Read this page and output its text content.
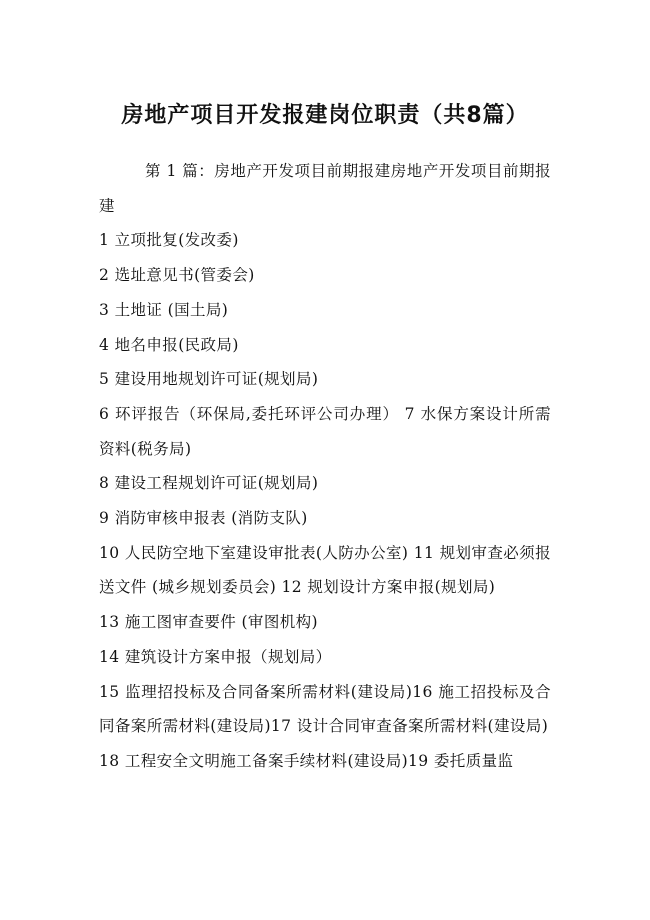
房地产项目开发报建岗位职责（共8篇）

第 1 篇：房地产开发项目前期报建房地产开发项目前期报建

1 立项批复(发改委)

2 选址意见书(管委会)

3 土地证 (国土局)

4 地名申报(民政局)

5 建设用地规划许可证(规划局)

6 环评报告（环保局,委托环评公司办理） 7 水保方案设计所需资料(税务局)

8 建设工程规划许可证(规划局)

9 消防审核申报表 (消防支队)

10 人民防空地下室建设审批表(人防办公室) 11 规划审查必须报送文件 (城乡规划委员会) 12 规划设计方案申报(规划局)

13 施工图审查要件 (审图机构)

14 建筑设计方案申报（规划局）

15 监理招投标及合同备案所需材料(建设局)16 施工招投标及合同备案所需材料(建设局)17 设计合同审查备案所需材料(建设局)

18 工程安全文明施工备案手续材料(建设局)19 委托质量监
